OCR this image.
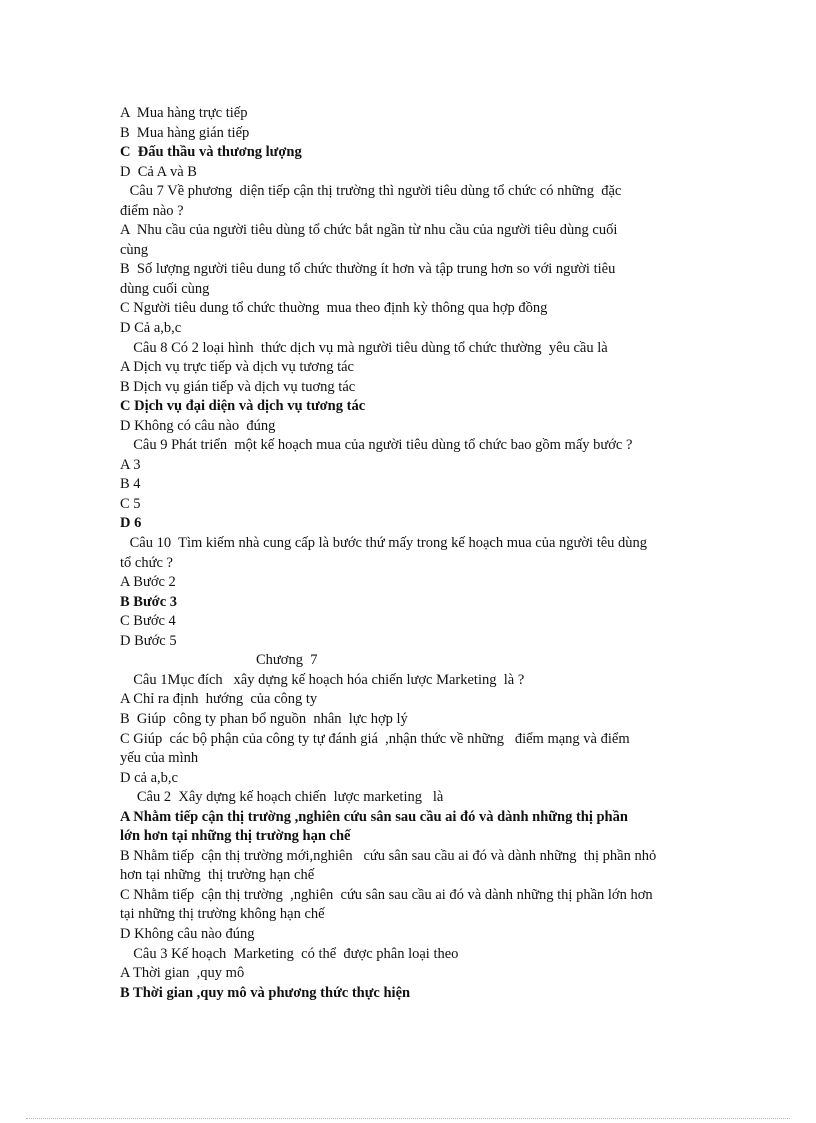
A  Mua hàng trực tiếp
B  Mua hàng gián tiếp
C  Đấu thầu và thương lượng
D  Cả A và B
Câu 7 Về phương  diện tiếp cận thị trường thì người tiêu dùng tổ chức có những  đặc
điểm nào ?
A  Nhu cầu của người tiêu dùng tổ chức bắt ngần từ nhu cầu của người tiêu dùng cuối
cùng
B  Số lượng người tiêu dung tổ chức thường ít hơn và tập trung hơn so với người tiêu
dùng cuối cùng
C Người tiêu dung tổ chức thuờng  mua theo định kỳ thông qua hợp đồng
D Cả a,b,c
Câu 8 Có 2 loại hình  thức dịch vụ mà người tiêu dùng tổ chức thường  yêu cầu là
A Dịch vụ trực tiếp và dịch vụ tương tác
B Dịch vụ gián tiếp và dịch vụ tuơng tác
C Dịch vụ đại diện và dịch vụ tương tác
D Không có câu nào  đúng
Câu 9 Phát triển  một kế hoạch mua của người tiêu dùng tổ chức bao gồm mấy bước ?
A 3
B 4
C 5
D 6
Câu 10  Tìm kiếm nhà cung cấp là bước thứ mấy trong kế hoạch mua của người têu dùng
tổ chức ?
A Bước 2
B Bước 3
C Bước 4
D Bước 5
Chương  7
Câu 1Mục đích   xây dựng kế hoạch hóa chiến lược Marketing  là ?
A Chỉ ra định  hướng  của công ty
B  Giúp  công ty phan bổ nguồn  nhân  lực hợp lý
C Giúp  các bộ phận của công ty tự đánh giá  ,nhận thức về những   điểm mạng và điểm
yếu của mình
D cả a,b,c
Câu 2  Xây dựng kế hoạch chiến  lược marketing   là
A Nhằm tiếp cận thị trường ,nghiên cứu sân sau cầu ai đó và dành những thị phần
lớn hơn tại những thị trường hạn chế
B Nhằm tiếp  cận thị trường mới,nghiên   cứu sân sau cầu ai đó và dành những  thị phần nhỏ
hơn tại những  thị trường hạn chế
C Nhằm tiếp  cận thị trường  ,nghiên  cứu sân sau cầu ai đó và dành những thị phần lớn hơn
tại những thị trường không hạn chế
D Không câu nào đúng
Câu 3 Kế hoạch  Marketing  có thể  được phân loại theo
A Thời gian  ,quy mô
B Thời gian ,quy mô và phương thức thực hiện
